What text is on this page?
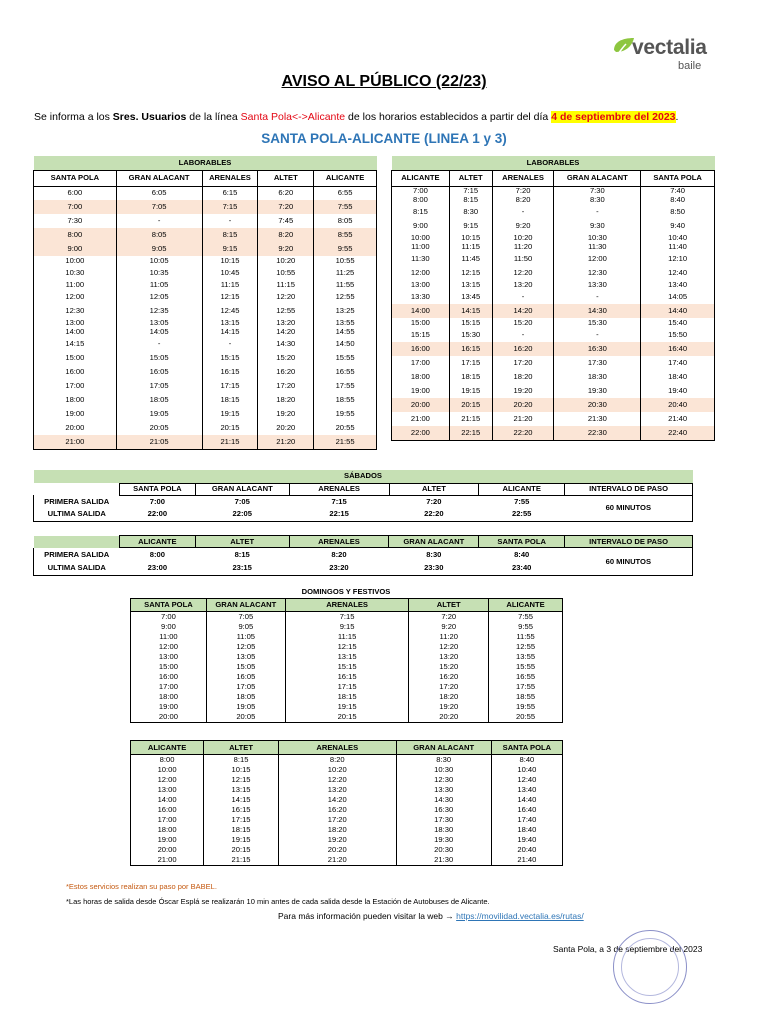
vectalia
baile
AVISO AL PÚBLICO (22/23)
Se informa a los Sres. Usuarios de la línea Santa Pola<->Alicante de los horarios establecidos a partir del día 4 de septiembre del 2023.
SANTA POLA-ALICANTE (LINEA 1 y 3)
LABORABLES				
SANTA POLA	GRAN ALACANT	ARENALES	ALTET	ALICANTE
6:00	6:05	6:15	6:20	6:55
7:00	7:05	7:15	7:20	7:55
7:30	-	-	7:45	8:05
8:00	8:05	8:15	8:20	8:55
9:00	9:05	9:15	9:20	9:55
10:00	10:05	10:15	10:20	10:55
10:30	10:35	10:45	10:55	11:25
11:00	11:05	11:15	11:15	11:55
12:00	12:05	12:15	12:20	12:55
12:30	12:35	12:45	12:55	13:25
13:00	13:05	13:15	13:20	13:55
14:00	14:05	14:15	14:20	14:55
14:15	-	-	14:30	14:50
15:00	15:05	15:15	15:20	15:55
16:00	16:05	16:15	16:20	16:55
17:00	17:05	17:15	17:20	17:55
18:00	18:05	18:15	18:20	18:55
19:00	19:05	19:15	19:20	19:55
20:00	20:05	20:15	20:20	20:55
21:00	21:05	21:15	21:20	21:55
LABORABLES				
ALICANTE	ALTET	ARENALES	GRAN ALACANT	SANTA POLA
7:00	7:15	7:20	7:30	7:40
8:00	8:15	8:20	8:30	8:40
8:15	8:30	-	-	8:50
9:00	9:15	9:20	9:30	9:40
10:00	10:15	10:20	10:30	10:40
11:00	11:15	11:20	11:30	11:40
11:30	11:45	11:50	12:00	12:10
12:00	12:15	12:20	12:30	12:40
13:00	13:15	13:20	13:30	13:40
13:30	13:45	-	-	14:05
14:00	14:15	14:20	14:30	14:40
15:00	15:15	15:20	15:30	15:40
15:15	15:30	-	-	15:50
16:00	16:15	16:20	16:30	16:40
17:00	17:15	17:20	17:30	17:40
18:00	18:15	18:20	18:30	18:40
19:00	19:15	19:20	19:30	19:40
20:00	20:15	20:20	20:30	20:40
21:00	21:15	21:20	21:30	21:40
22:00	22:15	22:20	22:30	22:40
SÁBADOS						
	SANTA POLA	GRAN ALACANT	ARENALES	ALTET	ALICANTE	INTERVALO DE PASO
PRIMERA SALIDA	7:00	7:05	7:15	7:20	7:55	60 MINUTOS
ULTIMA SALIDA	22:00	22:05	22:15	22:20	22:55	
	ALICANTE	ALTET	ARENALES	GRAN ALACANT	SANTA POLA	INTERVALO DE PASO
PRIMERA SALIDA	8:00	8:15	8:20	8:30	8:40	60 MINUTOS
ULTIMA SALIDA	23:00	23:15	23:20	23:30	23:40	
DOMINGOS Y FESTIVOS
SANTA POLA	GRAN ALACANT	ARENALES	ALTET	ALICANTE
7:00	7:05	7:15	7:20	7:55
9:00	9:05	9:15	9:20	9:55
11:00	11:05	11:15	11:20	11:55
12:00	12:05	12:15	12:20	12:55
13:00	13:05	13:15	13:20	13:55
15:00	15:05	15:15	15:20	15:55
16:00	16:05	16:15	16:20	16:55
17:00	17:05	17:15	17:20	17:55
18:00	18:05	18:15	18:20	18:55
19:00	19:05	19:15	19:20	19:55
20:00	20:05	20:15	20:20	20:55
ALICANTE	ALTET	ARENALES	GRAN ALACANT	SANTA POLA
8:00	8:15	8:20	8:30	8:40
10:00	10:15	10:20	10:30	10:40
12:00	12:15	12:20	12:30	12:40
13:00	13:15	13:20	13:30	13:40
14:00	14:15	14:20	14:30	14:40
16:00	16:15	16:20	16:30	16:40
17:00	17:15	17:20	17:30	17:40
18:00	18:15	18:20	18:30	18:40
19:00	19:15	19:20	19:30	19:40
20:00	20:15	20:20	20:30	20:40
21:00	21:15	21:20	21:30	21:40
*Estos servicios realizan su paso por BABEL.
*Las horas de salida desde Óscar Esplá se realizarán 10 min antes de cada salida desde la Estación de Autobuses de Alicante.
Para más información pueden visitar la web → https://movilidad.vectalia.es/rutas/
Santa Pola, a 3 de septiembre del 2023
